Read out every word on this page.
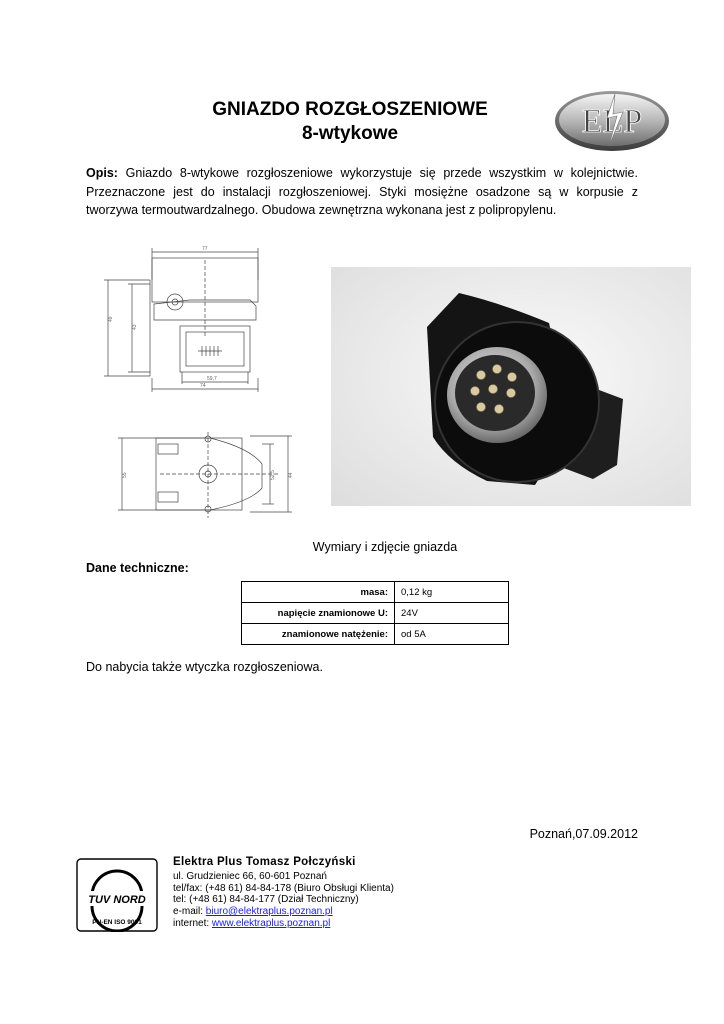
GNIAZDO ROZGŁOSZENIOWE
8-wtykowe	ELP
Opis: Gniazdo 8-wtykowe rozgłoszeniowe wykorzystuje się przede wszystkim w kolejnictwie. Przeznaczone jest do instalacji rozgłoszeniowej. Styki mosiężne osadzone są w korpusie z tworzywa termoutwardzalnego. Obudowa zewnętrzna wykonana jest z polipropylenu.
77
49
43
59,7
74
55	52,5 44
Wymiary i zdjęcie gniazda
Dane techniczne:
masa:	0,12 kg
napięcie znamionowe U:	24V
znamionowe natężenie:	od 5A
Do nabycia także wtyczka rozgłoszeniowa.
Poznań,07.09.2012
TUV NORD
PN-EN ISO 9001
Elektra Plus Tomasz Połczyński
ul. Grudzieniec 66, 60-601 Poznań
tel/fax: (+48 61) 84-84-178 (Biuro Obsługi Klienta)
tel: (+48 61) 84-84-177 (Dział Techniczny)
e-mail: biuro@elektraplus.poznan.pl
internet: www.elektraplus.poznan.pl
